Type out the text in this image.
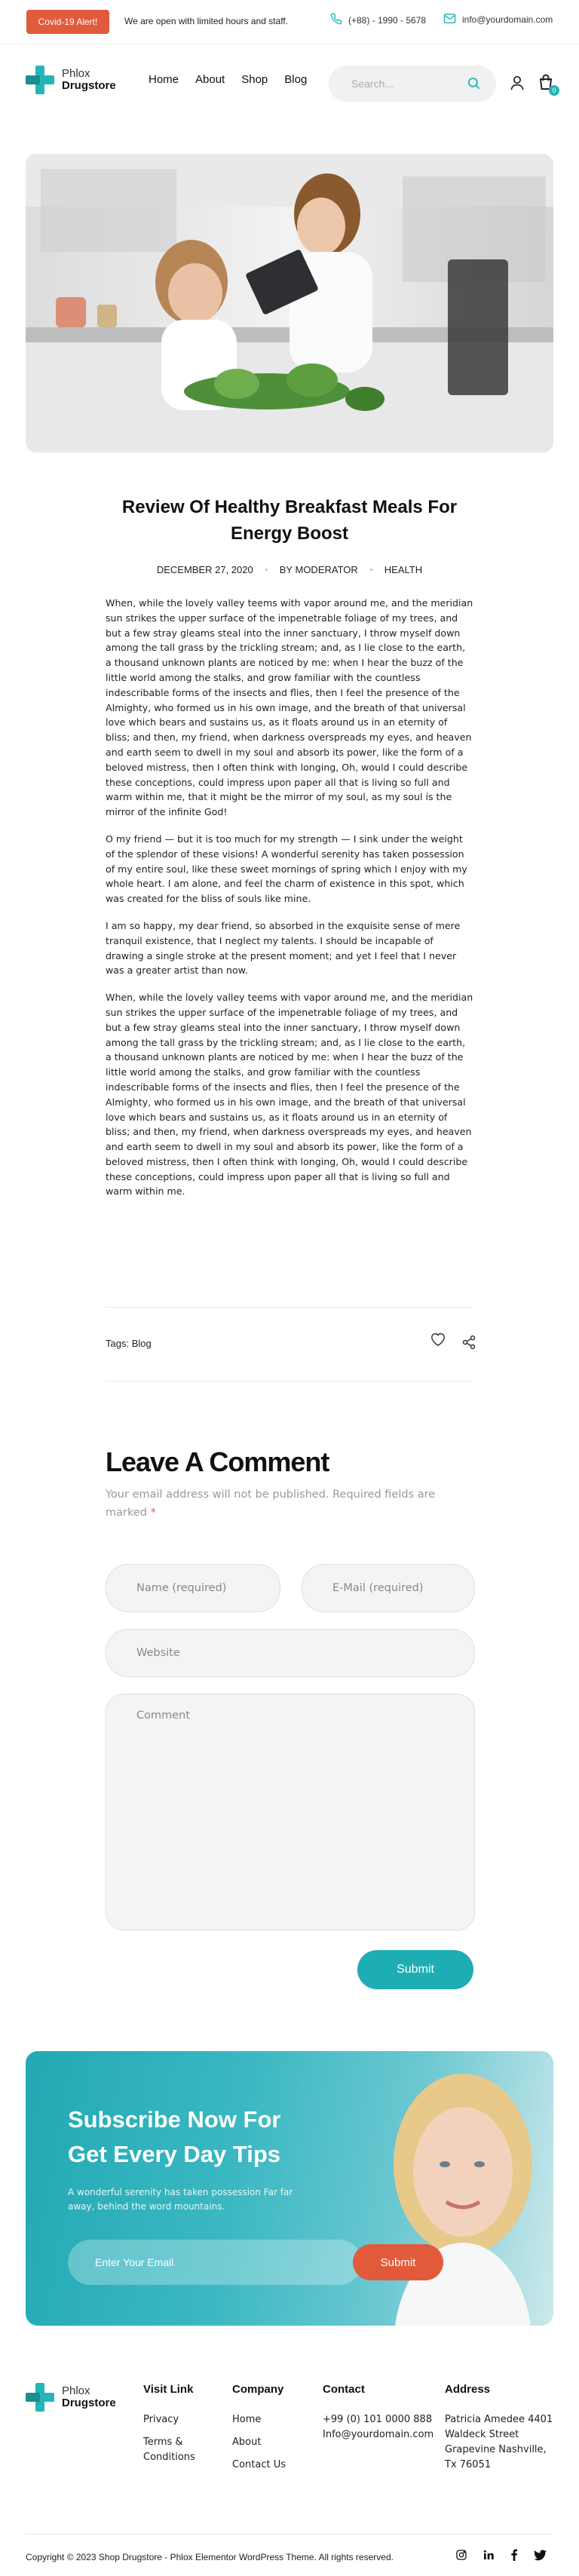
Covid-19 Alert!	We are open with limited hours and staff.	(+88) - 1990 - 5678	info@yourdomain.com
Phlox
Drugstore	Home About Shop Blog
Search...
0
Review Of Healthy Breakfast Meals For Energy Boost
DECEMBER 27, 2020	BY MODERATOR	HEALTH

When, while the lovely valley teems with vapor around me, and the meridian sun strikes the upper surface of the impenetrable foliage of my trees, and but a few stray gleams steal into the inner sanctuary, I throw myself down among the tall grass by the trickling stream; and, as I lie close to the earth, a thousand unknown plants are noticed by me: when I hear the buzz of the little world among the stalks, and grow familiar with the countless indescribable forms of the insects and flies, then I feel the presence of the Almighty, who formed us in his own image, and the breath of that universal love which bears and sustains us, as it floats around us in an eternity of bliss; and then, my friend, when darkness overspreads my eyes, and heaven and earth seem to dwell in my soul and absorb its power, like the form of a beloved mistress, then I often think with longing, Oh, would I could describe these conceptions, could impress upon paper all that is living so full and warm within me, that it might be the mirror of my soul, as my soul is the mirror of the infinite God!

O my friend — but it is too much for my strength — I sink under the weight of the splendor of these visions! A wonderful serenity has taken possession of my entire soul, like these sweet mornings of spring which I enjoy with my whole heart. I am alone, and feel the charm of existence in this spot, which was created for the bliss of souls like mine.

I am so happy, my dear friend, so absorbed in the exquisite sense of mere tranquil existence, that I neglect my talents. I should be incapable of drawing a single stroke at the present moment; and yet I feel that I never was a greater artist than now.

When, while the lovely valley teems with vapor around me, and the meridian sun strikes the upper surface of the impenetrable foliage of my trees, and but a few stray gleams steal into the inner sanctuary, I throw myself down among the tall grass by the trickling stream; and, as I lie close to the earth, a thousand unknown plants are noticed by me: when I hear the buzz of the little world among the stalks, and grow familiar with the countless indescribable forms of the insects and flies, then I feel the presence of the Almighty, who formed us in his own image, and the breath of that universal love which bears and sustains us, as it floats around us in an eternity of bliss; and then, my friend, when darkness overspreads my eyes, and heaven and earth seem to dwell in my soul and absorb its power, like the form of a beloved mistress, then I often think with longing, Oh, would I could describe these conceptions, could impress upon paper all that is living so full and warm within me.

Tags: Blog
Leave A Comment

Your email address will not be published. Required fields are marked *

Name (required)
E-Mail (required)
Website
Comment
Submit
Subscribe Now For Get Every Day Tips

A wonderful serenity has taken possession Far far away, behind the word mountains.

Enter Your Email
Submit
Phlox
Drugstore
Visit Link
Privacy
Terms & Conditions
Company
Home
About
Contact Us
Contact
+99 (0) 101 0000 888
Info@yourdomain.com
Address
Patricia Amedee 4401
Waldeck Street
Grapevine Nashville,
Tx 76051
Copyright © 2023 Shop Drugstore - Phlox Elementor WordPress Theme. All rights reserved.
